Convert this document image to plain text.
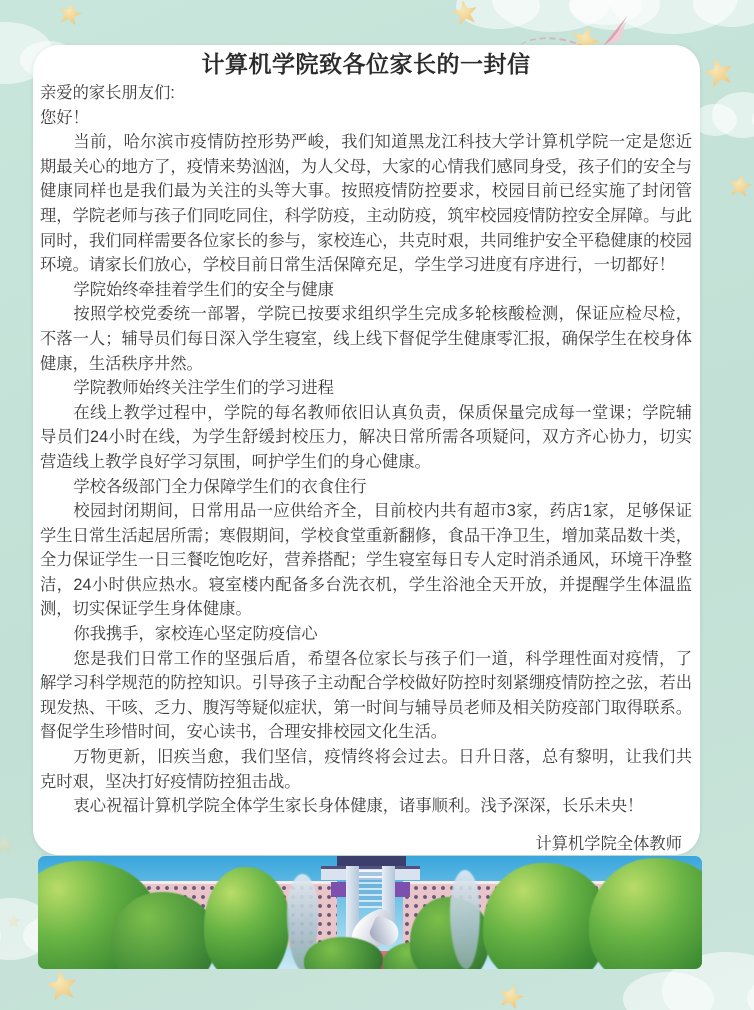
计算机学院致各位家长的一封信

亲爱的家长朋友们:

您好！

当前，哈尔滨市疫情防控形势严峻，我们知道黑龙江科技大学计算机学院一定是您近期最关心的地方了，疫情来势汹汹，为人父母，大家的心情我们感同身受，孩子们的安全与健康同样也是我们最为关注的头等大事。按照疫情防控要求，校园目前已经实施了封闭管理，学院老师与孩子们同吃同住，科学防疫，主动防疫，筑牢校园疫情防控安全屏障。与此同时，我们同样需要各位家长的参与，家校连心，共克时艰，共同维护安全平稳健康的校园环境。请家长们放心，学校目前日常生活保障充足，学生学习进度有序进行，一切都好！

学院始终牵挂着学生们的安全与健康

按照学校党委统一部署，学院已按要求组织学生完成多轮核酸检测，保证应检尽检，不落一人；辅导员们每日深入学生寝室，线上线下督促学生健康零汇报，确保学生在校身体健康，生活秩序井然。

学院教师始终关注学生们的学习进程

在线上教学过程中，学院的每名教师依旧认真负责，保质保量完成每一堂课；学院辅导员们24小时在线，为学生舒缓封校压力，解决日常所需各项疑问，双方齐心协力，切实营造线上教学良好学习氛围，呵护学生们的身心健康。

学校各级部门全力保障学生们的衣食住行

校园封闭期间，日常用品一应供给齐全，目前校内共有超市3家，药店1家，足够保证学生日常生活起居所需；寒假期间，学校食堂重新翻修，食品干净卫生，增加菜品数十类，全力保证学生一日三餐吃饱吃好，营养搭配；学生寝室每日专人定时消杀通风，环境干净整洁，24小时供应热水。寝室楼内配备多台洗衣机，学生浴池全天开放，并提醒学生体温监测，切实保证学生身体健康。

你我携手，家校连心坚定防疫信心

您是我们日常工作的坚强后盾，希望各位家长与孩子们一道，科学理性面对疫情，了解学习科学规范的防控知识。引导孩子主动配合学校做好防控时刻紧绷疫情防控之弦，若出现发热、干咳、乏力、腹泻等疑似症状，第一时间与辅导员老师及相关防疫部门取得联系。督促学生珍惜时间，安心读书，合理安排校园文化生活。

万物更新，旧疾当愈，我们坚信，疫情终将会过去。日升日落，总有黎明，让我们共克时艰，坚决打好疫情防控狙击战。

衷心祝福计算机学院全体学生家长身体健康，诸事顺利。浅予深深，长乐未央！

计算机学院全体教师
